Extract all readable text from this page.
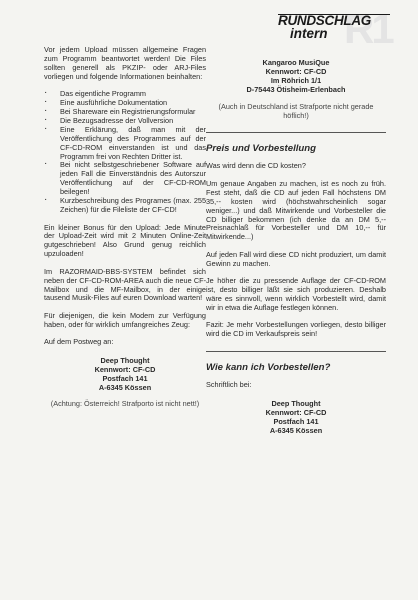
R1
RUNDSCHLAG
intern

Vor jedem Upload müssen allgemeine Fragen zum Programm beantwortet werden! Die Files sollten generell als PKZIP- oder ARJ-Files vorliegen und folgende Informationen beinhalten:

· Das eigentliche Programm
· Eine ausführliche Dokumentation
· Bei Shareware ein Registrierungsformular
· Die Bezugsadresse der Vollversion
· Eine Erklärung, daß man mit der Veröffentlichung des Programmes auf der CF-CD-ROM einverstanden ist und das Programm frei von Rechten Dritter ist.
· Bei nicht selbstgeschriebener Software auf jeden Fall die Einverständnis des Autorszur Veröffentlichung auf der CF-CD-ROM beilegen!
· Kurzbeschreibung des Programes (max. 255 Zeichen) für die Fileliste der CF-CD!

Ein kleiner Bonus für den Upload: Jede Minute der Upload-Zeit wird mit 2 Minuten Online-Zeit gutgeschrieben! Also Grund genug reichlich upzuloaden!

Im RAZORMAID-BBS-SYSTEM befindet sich neben der CF-CD-ROM-AREA auch die neue CF-Mailbox und die MF-Mailbox, in der einige tausend Musik-Files auf euren Download warten!

Für diejenigen, die kein Modem zur Verfügung haben, oder für wirklich umfangreiches Zeug:

Auf dem Postweg an:

Deep Thought
Kennwort: CF-CD
Postfach 141
A-6345 Kössen

(Achtung: Österreich! Strafporto ist nicht nett!)

Kangaroo MusiQue
Kennwort: CF-CD
Im Röhrich 1/1
D-75443 Ötisheim-Erlenbach

(Auch in Deutschland ist Strafporte nicht gerade höflich!)

Preis und Vorbestellung

Was wird denn die CD kosten?

Um genaue Angaben zu machen, ist es noch zu früh. Fest steht, daß die CD auf jeden Fall höchstens DM 35,-- kosten wird (höchstwahrscheinlich sogar weniger...) und daß Mitwirkende und Vorbesteller die CD billiger bekommen (ich denke da an DM 5,-- Preisnachlaß für Vorbesteller und DM 10,-- für Mitwirkende...)

Auf jeden Fall wird diese CD nicht produziert, um damit Gewinn zu machen.

Je höher die zu pressende Auflage der CF-CD-ROM ist, desto billiger läßt sie sich produzieren. Deshalb wäre es sinnvoll, wenn wirklich Vorbestellt wird, damit wir in etwa die Auflage festlegen können.

Fazit: Je mehr Vorbestellungen vorliegen, desto billiger wird die CD im Verkaufspreis sein!

Wie kann ich Vorbestellen?

Schriftlich bei:

Deep Thought
Kennwort: CF-CD
Postfach 141
A-6345 Kössen
